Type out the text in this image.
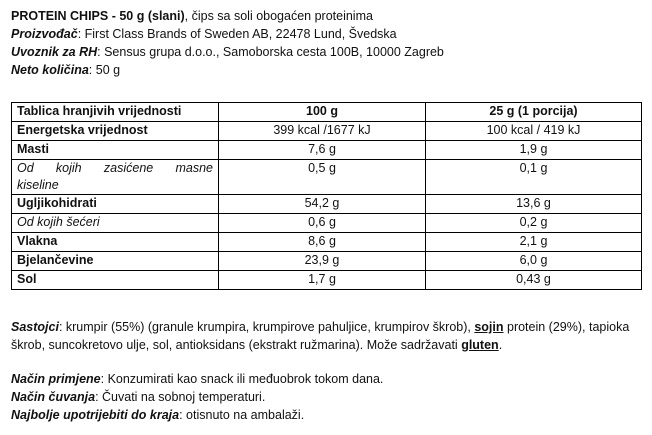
PROTEIN CHIPS - 50 g (slani), čips sa soli obogaćen proteinima
Proizvođač: First Class Brands of Sweden AB, 22478 Lund, Švedska
Uvoznik za RH: Sensus grupa d.o.o., Samoborska cesta 100B, 10000 Zagreb
Neto količina: 50 g
Tablica hranjivih vrijednosti	100 g	25 g (1 porcija)
Energetska vrijednost	399 kcal /1677 kJ	100 kcal / 419 kJ
Masti	7,6 g	1,9 g

Od kojih zasićene masne
kiseline	0,5 g	0,1 g
Ugljikohidrati	54,2 g	13,6 g
Od kojih šećeri	0,6 g	0,2 g
Vlakna	8,6 g	2,1 g
Bjelančevine	23,9 g	6,0 g
Sol	1,7 g	0,43 g
Sastojci: krumpir (55%) (granule krumpira, krumpirove pahuljice, krumpirov škrob), sojin protein (29%), tapioka škrob, suncokretovo ulje, sol, antioksidans (ekstrakt ružmarina). Može sadržavati gluten.
Način primjene: Konzumirati kao snack ili međuobrok tokom dana.
Način čuvanja: Čuvati na sobnoj temperaturi.
Najbolje upotrijebiti do kraja: otisnuto na ambalaži.
